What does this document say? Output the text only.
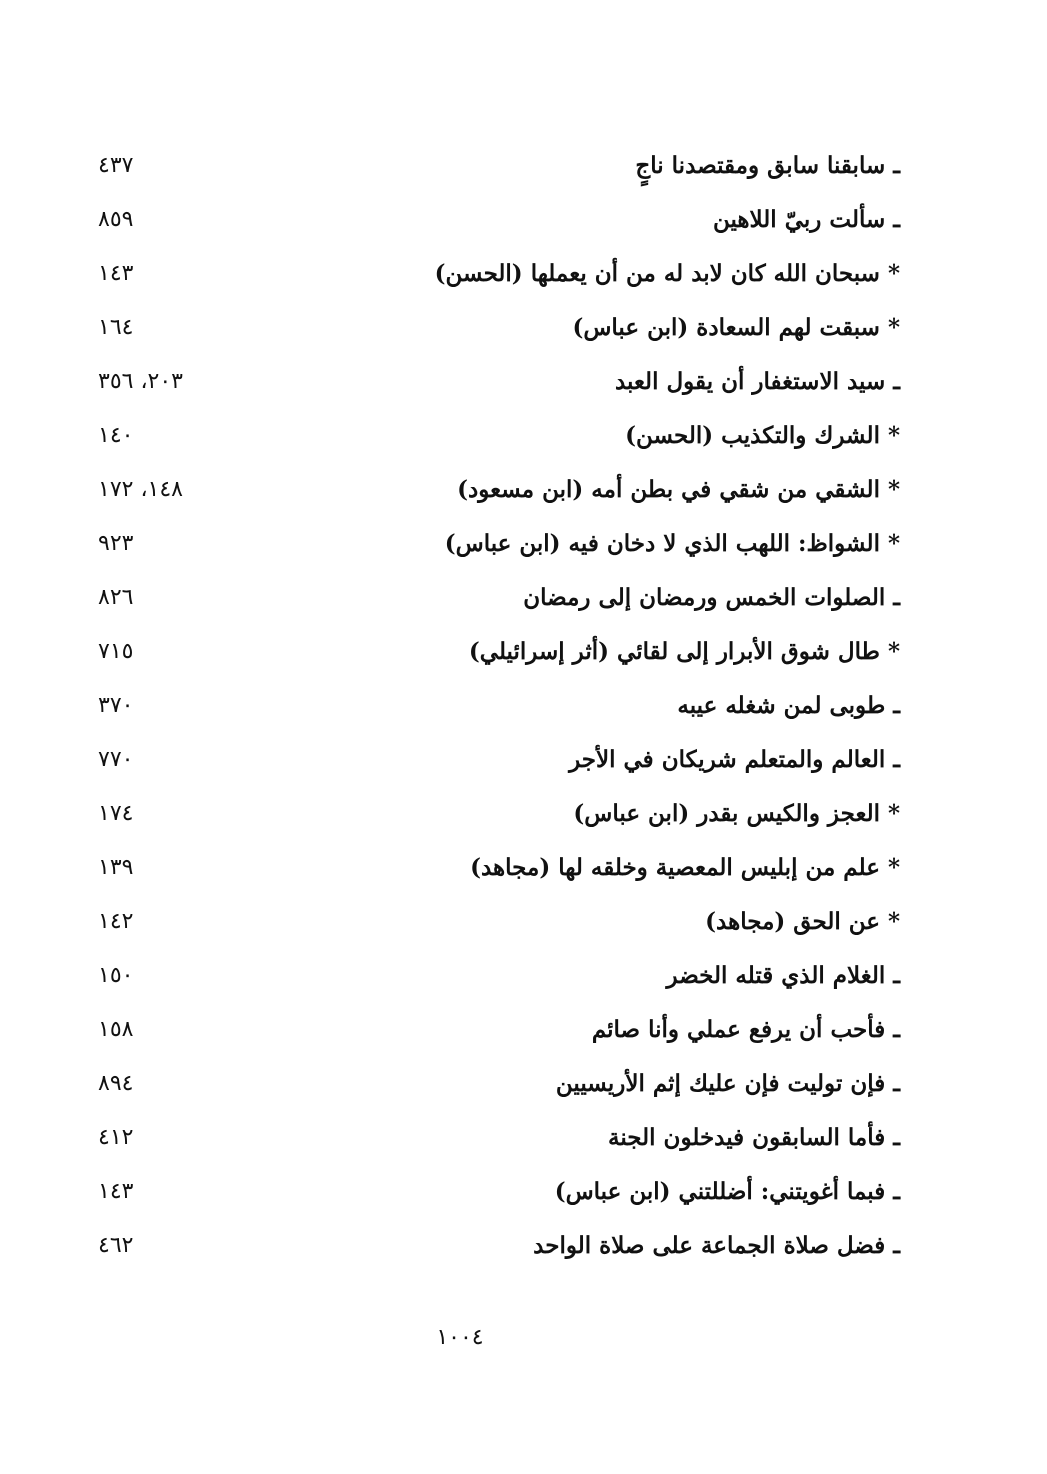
٤٣٧	ـ سابقنا سابق ومقتصدنا ناجٍ
٨٥٩	ـ سألت ربيّ اللاهين
١٤٣	* سبحان الله كان لابد له من أن يعملها (الحسن)
١٦٤	* سبقت لهم السعادة (ابن عباس)
٢٠٣، ٣٥٦	ـ سيد الاستغفار أن يقول العبد
١٤٠	* الشرك والتكذيب (الحسن)
١٤٨، ١٧٢	* الشقي من شقي في بطن أمه (ابن مسعود)
٩٢٣	* الشواظ: اللهب الذي لا دخان فيه (ابن عباس)
٨٢٦	ـ الصلوات الخمس ورمضان إلى رمضان
٧١٥	* طال شوق الأبرار إلى لقائي (أثر إسرائيلي)
٣٧٠	ـ طوبى لمن شغله عيبه
٧٧٠	ـ العالم والمتعلم شريكان في الأجر
١٧٤	* العجز والكيس بقدر (ابن عباس)
١٣٩	* علم من إبليس المعصية وخلقه لها (مجاهد)
١٤٢	* عن الحق (مجاهد)
١٥٠	ـ الغلام الذي قتله الخضر
١٥٨	ـ فأحب أن يرفع عملي وأنا صائم
٨٩٤	ـ فإن توليت فإن عليك إثم الأريسيين
٤١٢	ـ فأما السابقون فيدخلون الجنة
١٤٣	ـ فبما أغويتني: أضللتني (ابن عباس)
٤٦٢	ـ فضل صلاة الجماعة على صلاة الواحد
١٠٠٤
